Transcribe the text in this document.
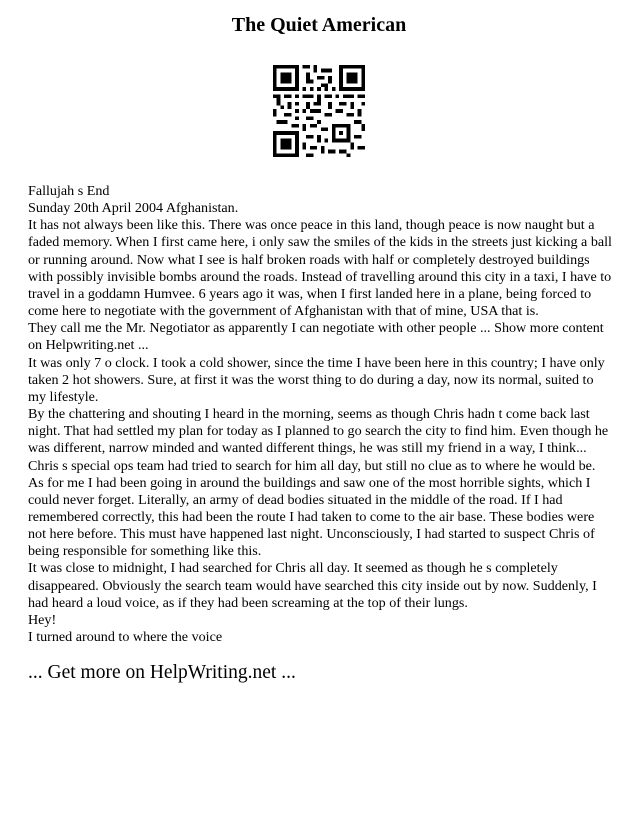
The Quiet American

Fallujah s End

Sunday 20th April 2004 Afghanistan.

It has not always been like this. There was once peace in this land, though peace is now naught but a faded memory. When I first came here, i only saw the smiles of the kids in the streets just kicking a ball or running around. Now what I see is half broken roads with half or completely destroyed buildings with possibly invisible bombs around the roads. Instead of travelling around this city in a taxi, I have to travel in a goddamn Humvee. 6 years ago it was, when I first landed here in a plane, being forced to come here to negotiate with the government of Afghanistan with that of mine, USA that is.

They call me the Mr. Negotiator as apparently I can negotiate with other people ... Show more content on Helpwriting.net ...

It was only 7 o clock. I took a cold shower, since the time I have been here in this country; I have only taken 2 hot showers. Sure, at first it was the worst thing to do during a day, now its normal, suited to my lifestyle.

By the chattering and shouting I heard in the morning, seems as though Chris hadn t come back last night. That had settled my plan for today as I planned to go search the city to find him. Even though he was different, narrow minded and wanted different things, he was still my friend in a way, I think... Chris s special ops team had tried to search for him all day, but still no clue as to where he would be. As for me I had been going in around the buildings and saw one of the most horrible sights, which I could never forget. Literally, an army of dead bodies situated in the middle of the road. If I had remembered correctly, this had been the route I had taken to come to the air base. These bodies were not here before. This must have happened last night. Unconsciously, I had started to suspect Chris of being responsible for something like this.

It was close to midnight, I had searched for Chris all day. It seemed as though he s completely disappeared. Obviously the search team would have searched this city inside out by now. Suddenly, I had heard a loud voice, as if they had been screaming at the top of their lungs.

Hey!

I turned around to where the voice

... Get more on HelpWriting.net ...
